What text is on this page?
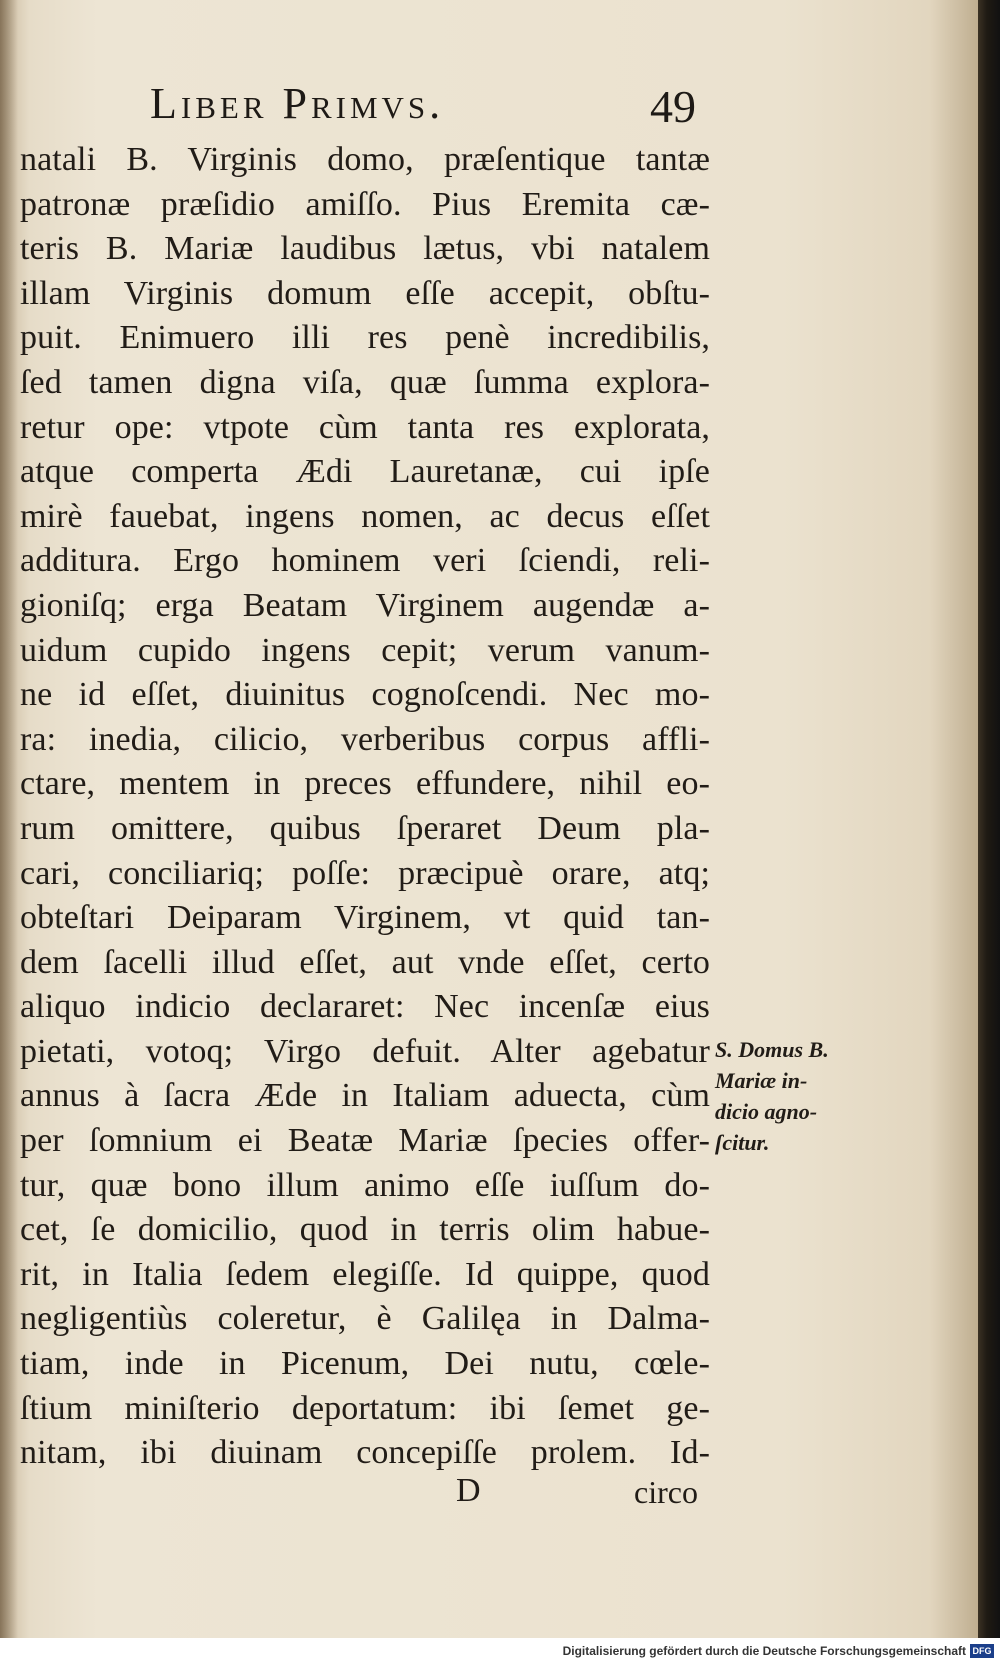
Liber Primvs.	49
natali B. Virginis domo, præſentique tantæ
patronæ præſidio amiſſo. Pius Eremita cæ-
teris B. Mariæ laudibus lætus, vbi natalem
illam Virginis domum eſſe accepit, obſtu-
puit. Enimuero illi res penè incredibilis,
ſed tamen digna viſa, quæ ſumma explora-
retur ope: vtpote cùm tanta res explorata,
atque comperta Ædi Lauretanæ, cui ipſe
mirè fauebat, ingens nomen, ac decus eſſet
additura. Ergo hominem veri ſciendi, reli-
gioniſq; erga Beatam Virginem augendæ a-
uidum cupido ingens cepit; verum vanum-
ne id eſſet, diuinitus cognoſcendi. Nec mo-
ra: inedia, cilicio, verberibus corpus affli-
ctare, mentem in preces effundere, nihil eo-
rum omittere, quibus ſperaret Deum pla-
cari, conciliariq; poſſe: præcipuè orare, atq;
obteſtari Deiparam Virginem, vt quid tan-
dem ſacelli illud eſſet, aut vnde eſſet, certo
aliquo indicio declararet: Nec incenſæ eius
pietati, votoq; Virgo defuit. Alter agebatur
annus à ſacra Æde in Italiam aduecta, cùm
per ſomnium ei Beatæ Mariæ ſpecies offer-
tur, quæ bono illum animo eſſe iuſſum do-
cet, ſe domicilio, quod in terris olim habue-
rit, in Italia ſedem elegiſſe. Id quippe, quod
negligentiùs coleretur, è Galilęa in Dalma-
tiam, inde in Picenum, Dei nutu, cœle-
ſtium miniſterio deportatum: ibi ſemet ge-
nitam, ibi diuinam concepiſſe prolem. Id-
S. Domus B.
Mariæ in-
dicio agno-
ſcitur.
D	circo
Digitalisierung gefördert durch die Deutsche Forschungsgemeinschaft DFG
